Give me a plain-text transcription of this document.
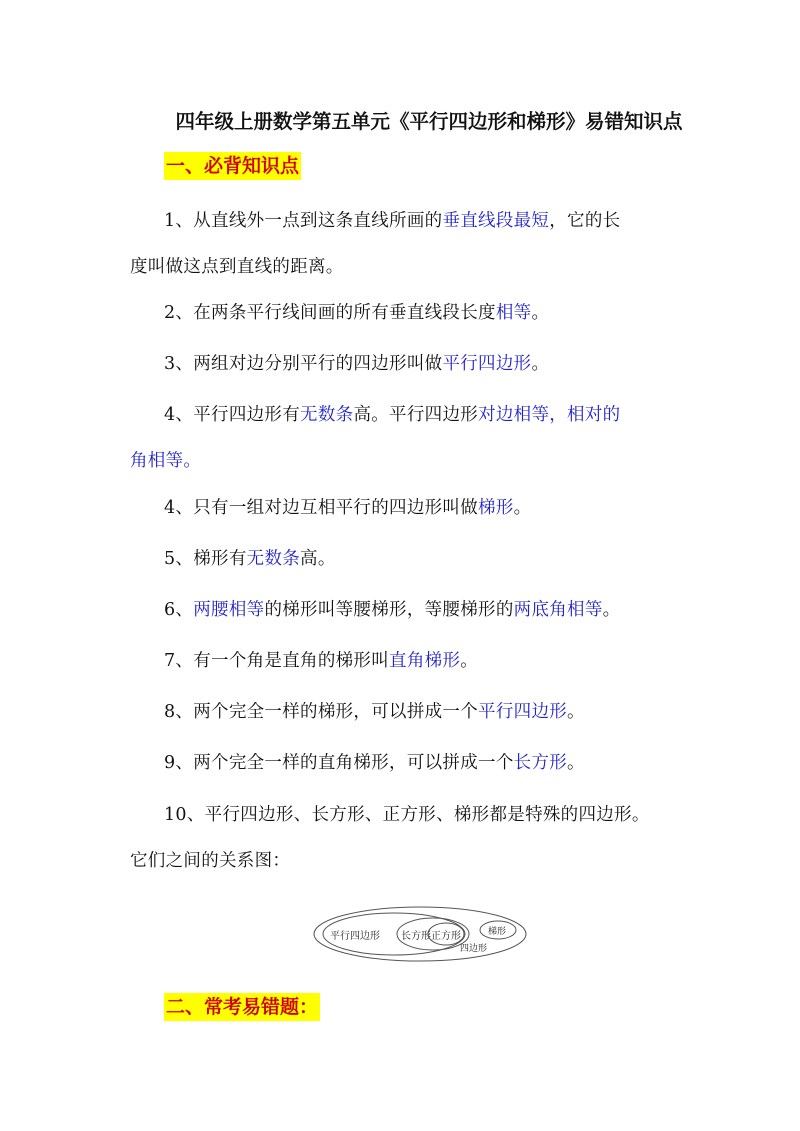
四年级上册数学第五单元《平行四边形和梯形》易错知识点
一、必背知识点
1、从直线外一点到这条直线所画的垂直线段最短，它的长
度叫做这点到直线的距离。
2、在两条平行线间画的所有垂直线段长度相等。
3、两组对边分别平行的四边形叫做平行四边形。
4、平行四边形有无数条高。平行四边形对边相等，相对的
角相等。
4、只有一组对边互相平行的四边形叫做梯形。
5、梯形有无数条高。
6、两腰相等的梯形叫等腰梯形，等腰梯形的两底角相等。
7、有一个角是直角的梯形叫直角梯形。
8、两个完全一样的梯形，可以拼成一个平行四边形。
9、两个完全一样的直角梯形，可以拼成一个长方形。
10、平行四边形、长方形、正方形、梯形都是特殊的四边形。
它们之间的关系图：
平行四边形 长方形 正方形	梯形
四边形
二、常考易错题：
